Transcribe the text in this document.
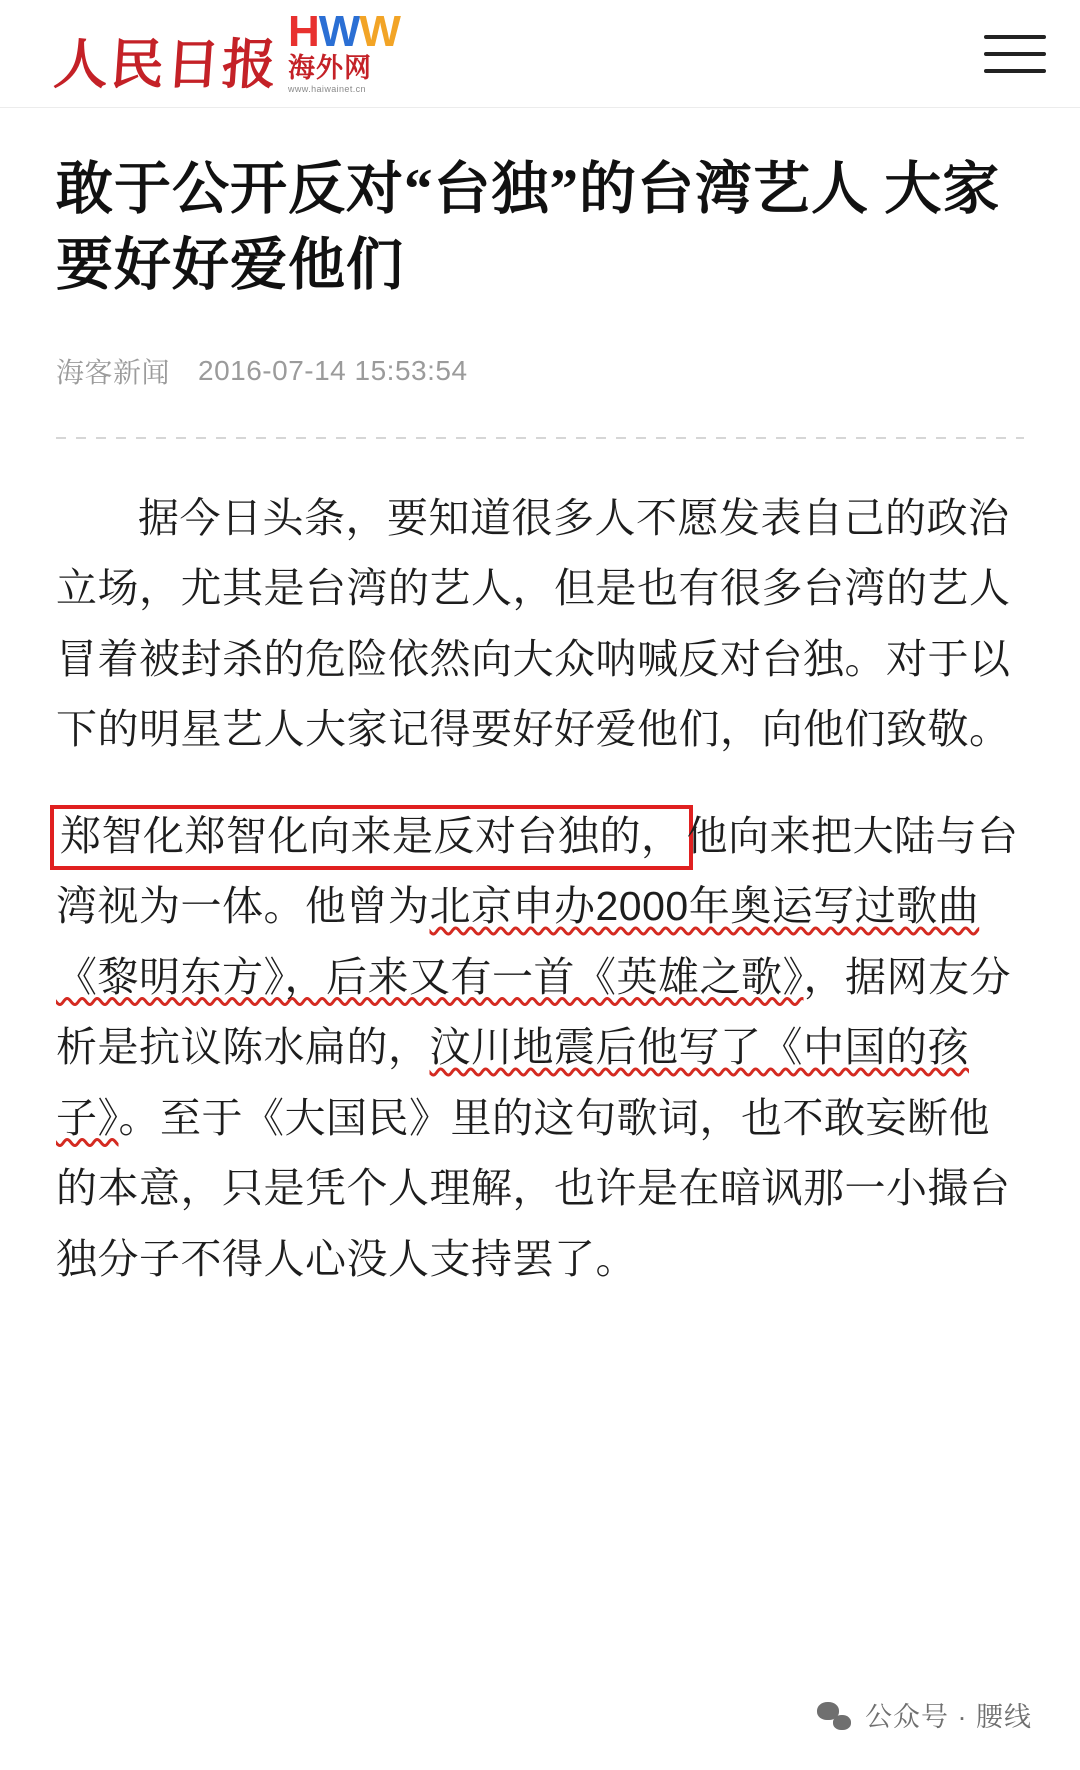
人民日报
HWW
海外网
www.haiwainet.cn
敢于公开反对“台独”的台湾艺人 大家要好好爱他们
海客新闻 2016-07-14 15:53:54

据今日头条，要知道很多人不愿发表自己的政治立场，尤其是台湾的艺人，但是也有很多台湾的艺人冒着被封杀的危险依然向大众呐喊反对台独。对于以下的明星艺人大家记得要好好爱他们，向他们致敬。

郑智化郑智化向来是反对台独的，他向来把大陆与台湾视为一体。他曾为北京申办2000年奥运写过歌曲《黎明东方》，后来又有一首《英雄之歌》，据网友分析是抗议陈水扁的，汶川地震后他写了《中国的孩子》。至于《大国民》里的这句歌词，也不敢妄断他的本意，只是凭个人理解，也许是在暗讽那一小撮台独分子不得人心没人支持罢了。

公众号 · 腰线
